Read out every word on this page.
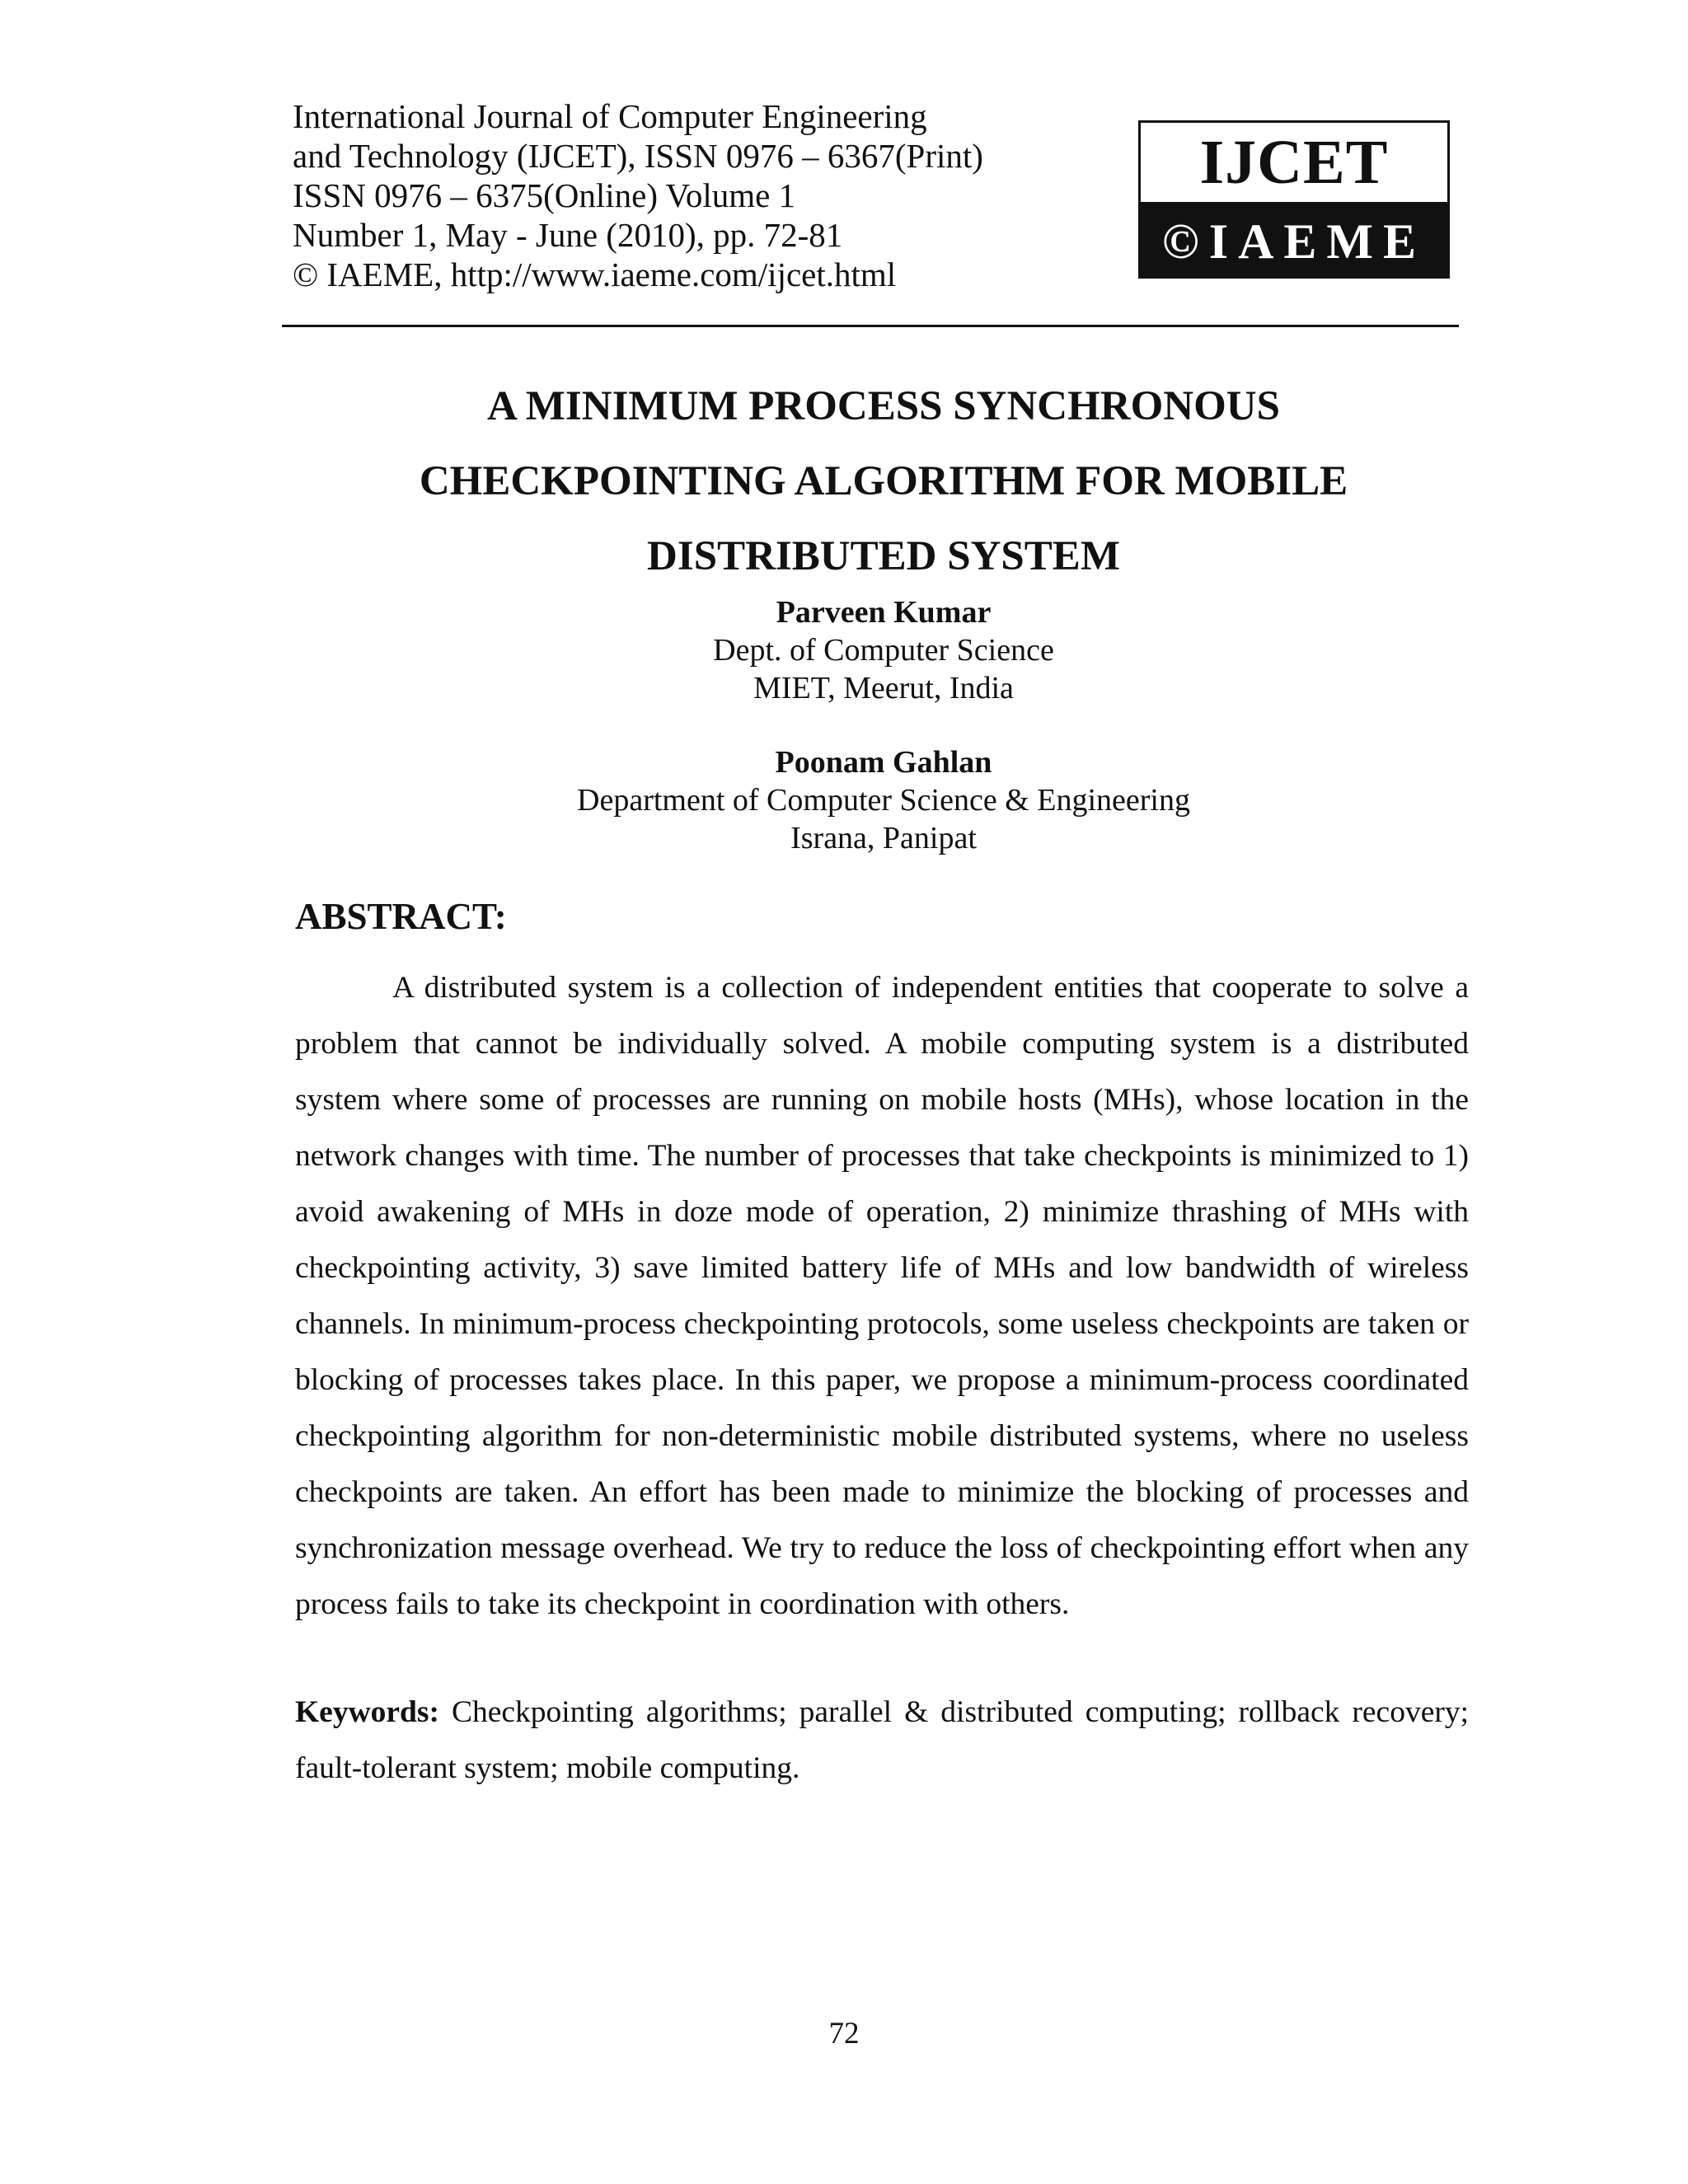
International Journal of Computer Engineering
and Technology (IJCET), ISSN 0976 – 6367(Print)
ISSN 0976 – 6375(Online) Volume 1
Number 1, May - June (2010), pp. 72-81
© IAEME, http://www.iaeme.com/ijcet.html
IJCET
©IAEME
A MINIMUM PROCESS SYNCHRONOUS
CHECKPOINTING ALGORITHM FOR MOBILE
DISTRIBUTED SYSTEM
Parveen Kumar
Dept. of Computer Science
MIET, Meerut, India
Poonam Gahlan
Department of Computer Science & Engineering
Israna, Panipat
ABSTRACT:

A distributed system is a collection of independent entities that cooperate to solve a problem that cannot be individually solved. A mobile computing system is a distributed system where some of processes are running on mobile hosts (MHs), whose location in the network changes with time. The number of processes that take checkpoints is minimized to 1) avoid awakening of MHs in doze mode of operation, 2) minimize thrashing of MHs with checkpointing activity, 3) save limited battery life of MHs and low bandwidth of wireless channels. In minimum-process checkpointing protocols, some useless checkpoints are taken or blocking of processes takes place. In this paper, we propose a minimum-process coordinated checkpointing algorithm for non-deterministic mobile distributed systems, where no useless checkpoints are taken. An effort has been made to minimize the blocking of processes and synchronization message overhead. We try to reduce the loss of checkpointing effort when any process fails to take its checkpoint in coordination with others.

Keywords: Checkpointing algorithms; parallel & distributed computing; rollback recovery; fault-tolerant system; mobile computing.

72
